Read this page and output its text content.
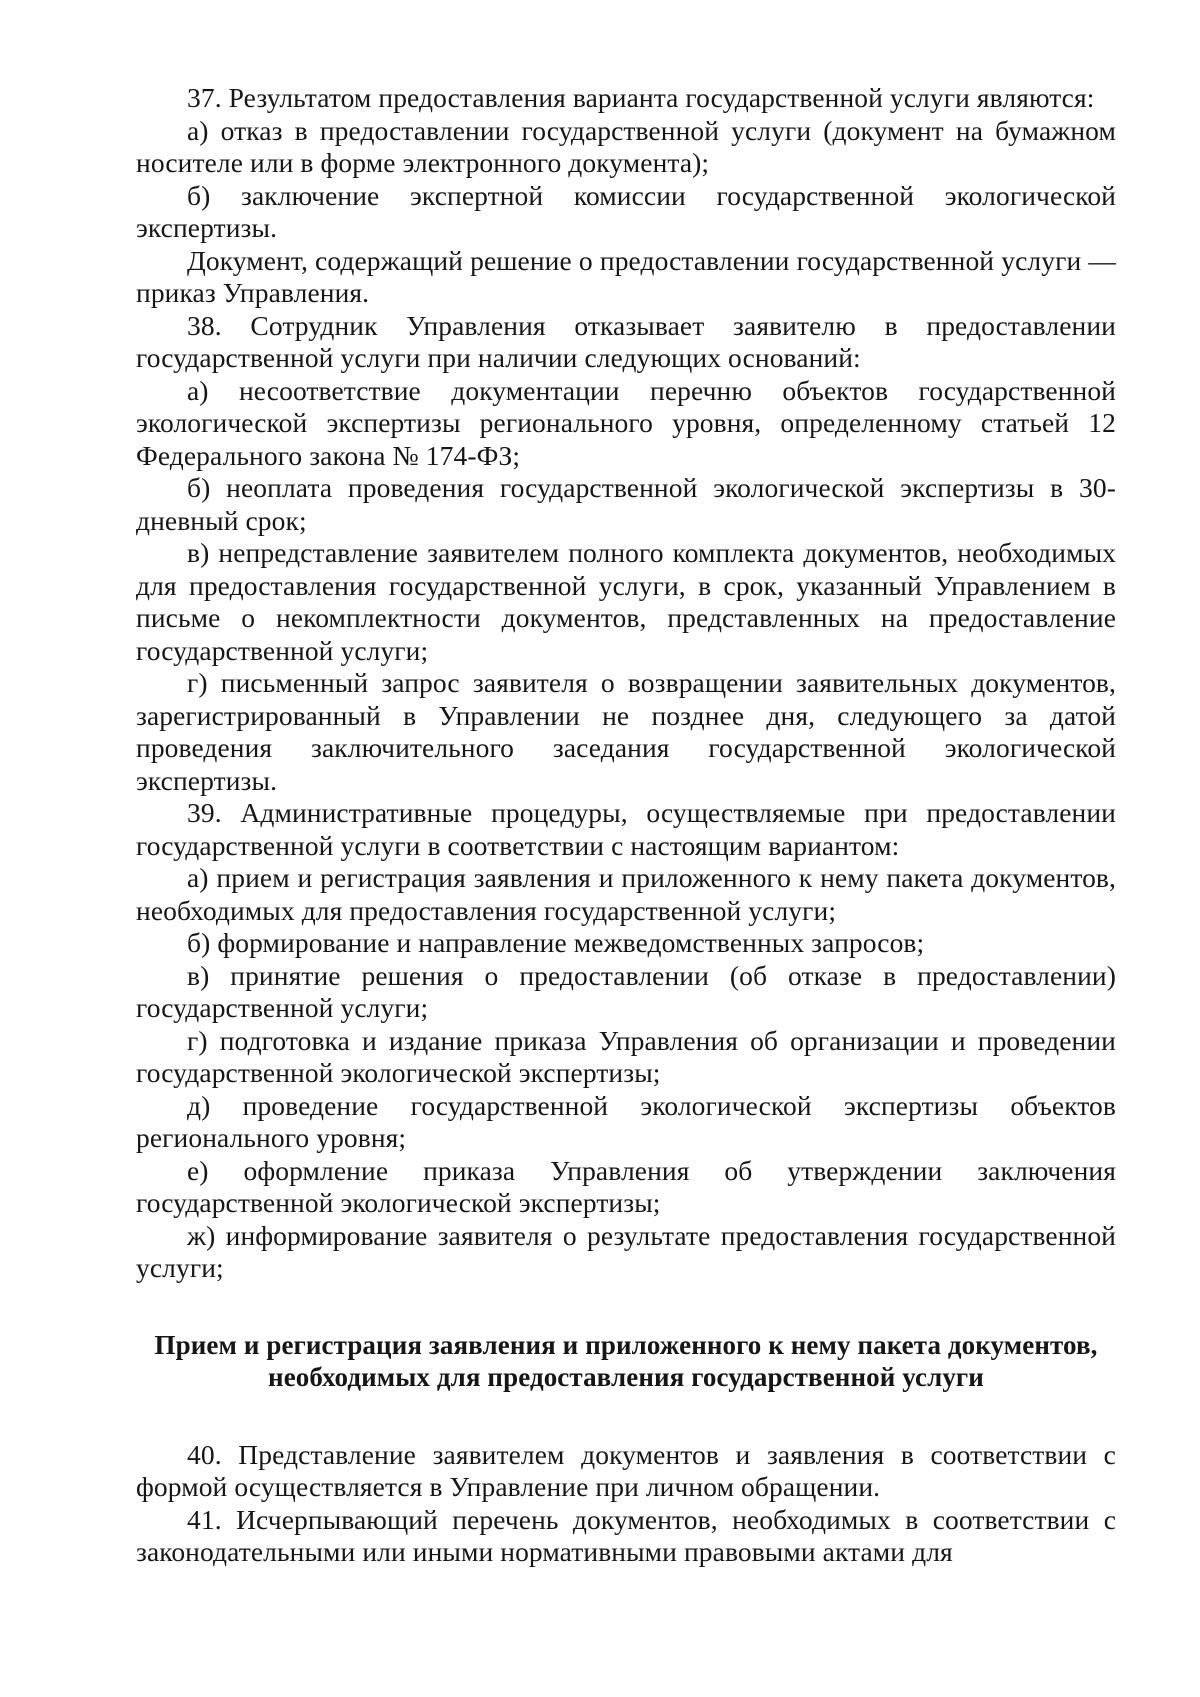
37. Результатом предоставления варианта государственной услуги являются:

а) отказ в предоставлении государственной услуги (документ на бумажном носителе или в форме электронного документа);

б) заключение экспертной комиссии государственной экологической экспертизы.

Документ, содержащий решение о предоставлении государственной услуги — приказ Управления.

38. Сотрудник Управления отказывает заявителю в предоставлении государственной услуги при наличии следующих оснований:

а) несоответствие документации перечню объектов государственной экологической экспертизы регионального уровня, определенному статьей 12 Федерального закона № 174-ФЗ;

б) неоплата проведения государственной экологической экспертизы в 30-дневный срок;

в) непредставление заявителем полного комплекта документов, необходимых для предоставления государственной услуги, в срок, указанный Управлением в письме о некомплектности документов, представленных на предоставление государственной услуги;

г) письменный запрос заявителя о возвращении заявительных документов, зарегистрированный в Управлении не позднее дня, следующего за датой проведения заключительного заседания государственной экологической экспертизы.

39. Административные процедуры, осуществляемые при предоставлении государственной услуги в соответствии с настоящим вариантом:

а) прием и регистрация заявления и приложенного к нему пакета документов, необходимых для предоставления государственной услуги;

б) формирование и направление межведомственных запросов;

в) принятие решения о предоставлении (об отказе в предоставлении) государственной услуги;

г) подготовка и издание приказа Управления об организации и проведении государственной экологической экспертизы;

д) проведение государственной экологической экспертизы объектов регионального уровня;

е) оформление приказа Управления об утверждении заключения государственной экологической экспертизы;

ж) информирование заявителя о результате предоставления государственной услуги;

Прием и регистрация заявления и приложенного к нему пакета документов, необходимых для предоставления государственной услуги

40. Представление заявителем документов и заявления в соответствии с формой осуществляется в Управление при личном обращении.

41. Исчерпывающий перечень документов, необходимых в соответствии с законодательными или иными нормативными правовыми актами для
